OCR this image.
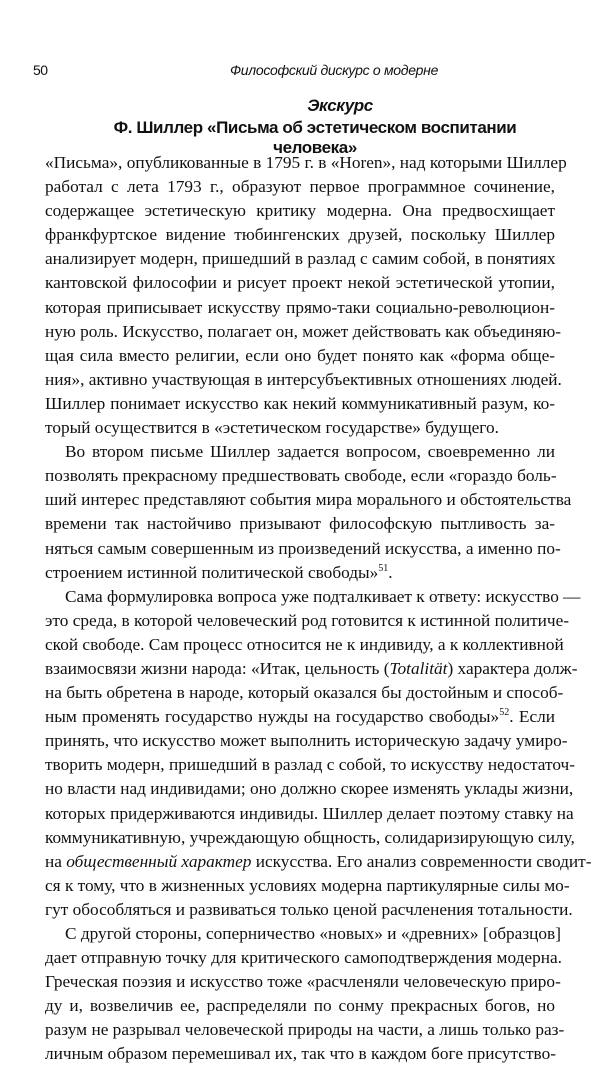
50	Философский дискурс о модерне
Экскурс
Ф. Шиллер «Письма об эстетическом воспитании человека»
«Письма», опубликованные в 1795 г. в «Horen», над которыми Шиллер
работал с лета 1793 г., образуют первое программное сочинение,
содержащее эстетическую критику модерна. Она предвосхищает
франкфуртское видение тюбингенских друзей, поскольку Шиллер
анализирует модерн, пришедший в разлад с самим собой, в понятиях
кантовской философии и рисует проект некой эстетической утопии,
которая приписывает искусству прямо-таки социально-революцион-
ную роль. Искусство, полагает он, может действовать как объединяю-
щая сила вместо религии, если оно будет понято как «форма обще-
ния», активно участвующая в интерсубъективных отношениях людей.
Шиллер понимает искусство как некий коммуникативный разум, ко-
торый осуществится в «эстетическом государстве» будущего.
Во втором письме Шиллер задается вопросом, своевременно ли
позволять прекрасному предшествовать свободе, если «гораздо боль-
ший интерес представляют события мира морального и обстоятельства
времени так настойчиво призывают философскую пытливость за-
няться самым совершенным из произведений искусства, а именно по-
строением истинной политической свободы»$^{51}$.
Сама формулировка вопроса уже подталкивает к ответу: искусство —
это среда, в которой человеческий род готовится к истинной политиче-
ской свободе. Сам процесс относится не к индивиду, а к коллективной
взаимосвязи жизни народа: «Итак, цельность (Totalität) характера долж-
на быть обретена в народе, который оказался бы достойным и способ-
ным променять государство нужды на государство свободы»$^{52}$. Если
принять, что искусство может выполнить историческую задачу умиро-
творить модерн, пришедший в разлад с собой, то искусству недостаточ-
но власти над индивидами; оно должно скорее изменять уклады жизни,
которых придерживаются индивиды. Шиллер делает поэтому ставку на
коммуникативную, учреждающую общность, солидаризирующую силу,
на общественный характер искусства. Его анализ современности сводит-
ся к тому, что в жизненных условиях модерна партикулярные силы мо-
гут обособляться и развиваться только ценой расчленения тотальности.
С другой стороны, соперничество «новых» и «древних» [образцов]
дает отправную точку для критического самоподтверждения модерна.
Греческая поэзия и искусство тоже «расчленяли человеческую приро-
ду и, возвеличив ее, распределяли по сонму прекрасных богов, но
разум не разрывал человеческой природы на части, а лишь только раз-
личным образом перемешивал их, так что в каждом боге присутство-
